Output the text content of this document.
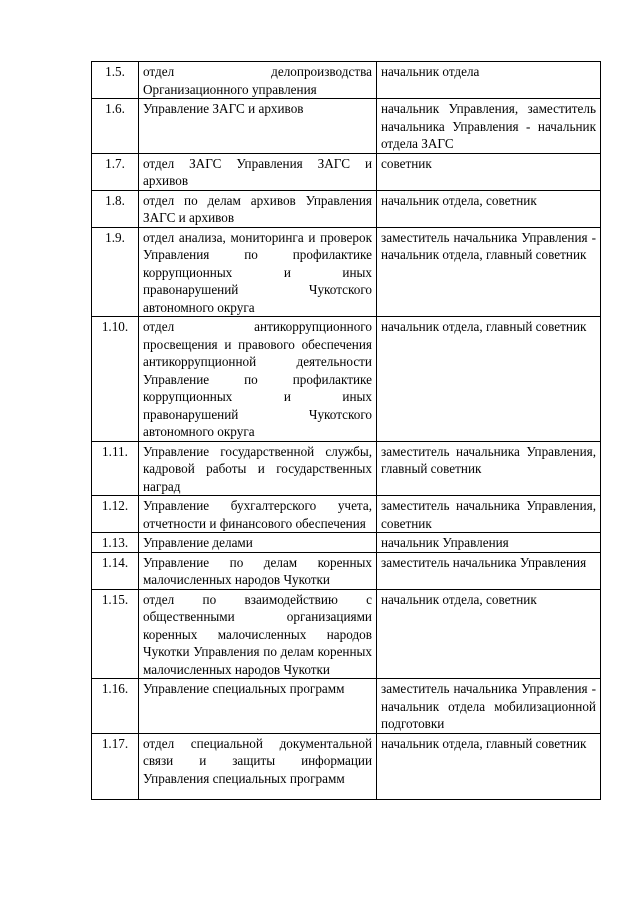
1.5.	отдел делопроизводства Организационного управления	начальник отдела
1.6.	Управление ЗАГС и архивов	начальник Управления, заместитель начальника Управления - начальник отдела ЗАГС
1.7.	отдел ЗАГС Управления ЗАГС и архивов	советник
1.8.	отдел по делам архивов Управления ЗАГС и архивов	начальник отдела, советник
1.9.	отдел анализа, мониторинга и проверок Управления по профилактике коррупционных и иных правонарушений Чукотского автономного округа	заместитель начальника Управления - начальник отдела, главный советник
1.10.	отдел антикоррупционного просвещения и правового обеспечения антикоррупционной деятельности Управление по профилактике коррупционных и иных правонарушений Чукотского автономного округа	начальник отдела, главный советник
1.11.	Управление государственной службы, кадровой работы и государственных наград	заместитель начальника Управления, главный советник
1.12.	Управление бухгалтерского учета, отчетности и финансового обеспечения	заместитель начальника Управления, советник
1.13.	Управление делами	начальник Управления
1.14.	Управление по делам коренных малочисленных народов Чукотки	заместитель начальника Управления
1.15.	отдел по взаимодействию с общественными организациями коренных малочисленных народов Чукотки Управления по делам коренных малочисленных народов Чукотки	начальник отдела, советник
1.16.	Управление специальных программ	заместитель начальника Управления - начальник отдела мобилизационной подготовки
1.17.	отдел специальной документальной связи и защиты информации Управления специальных программ	начальник отдела, главный советник
